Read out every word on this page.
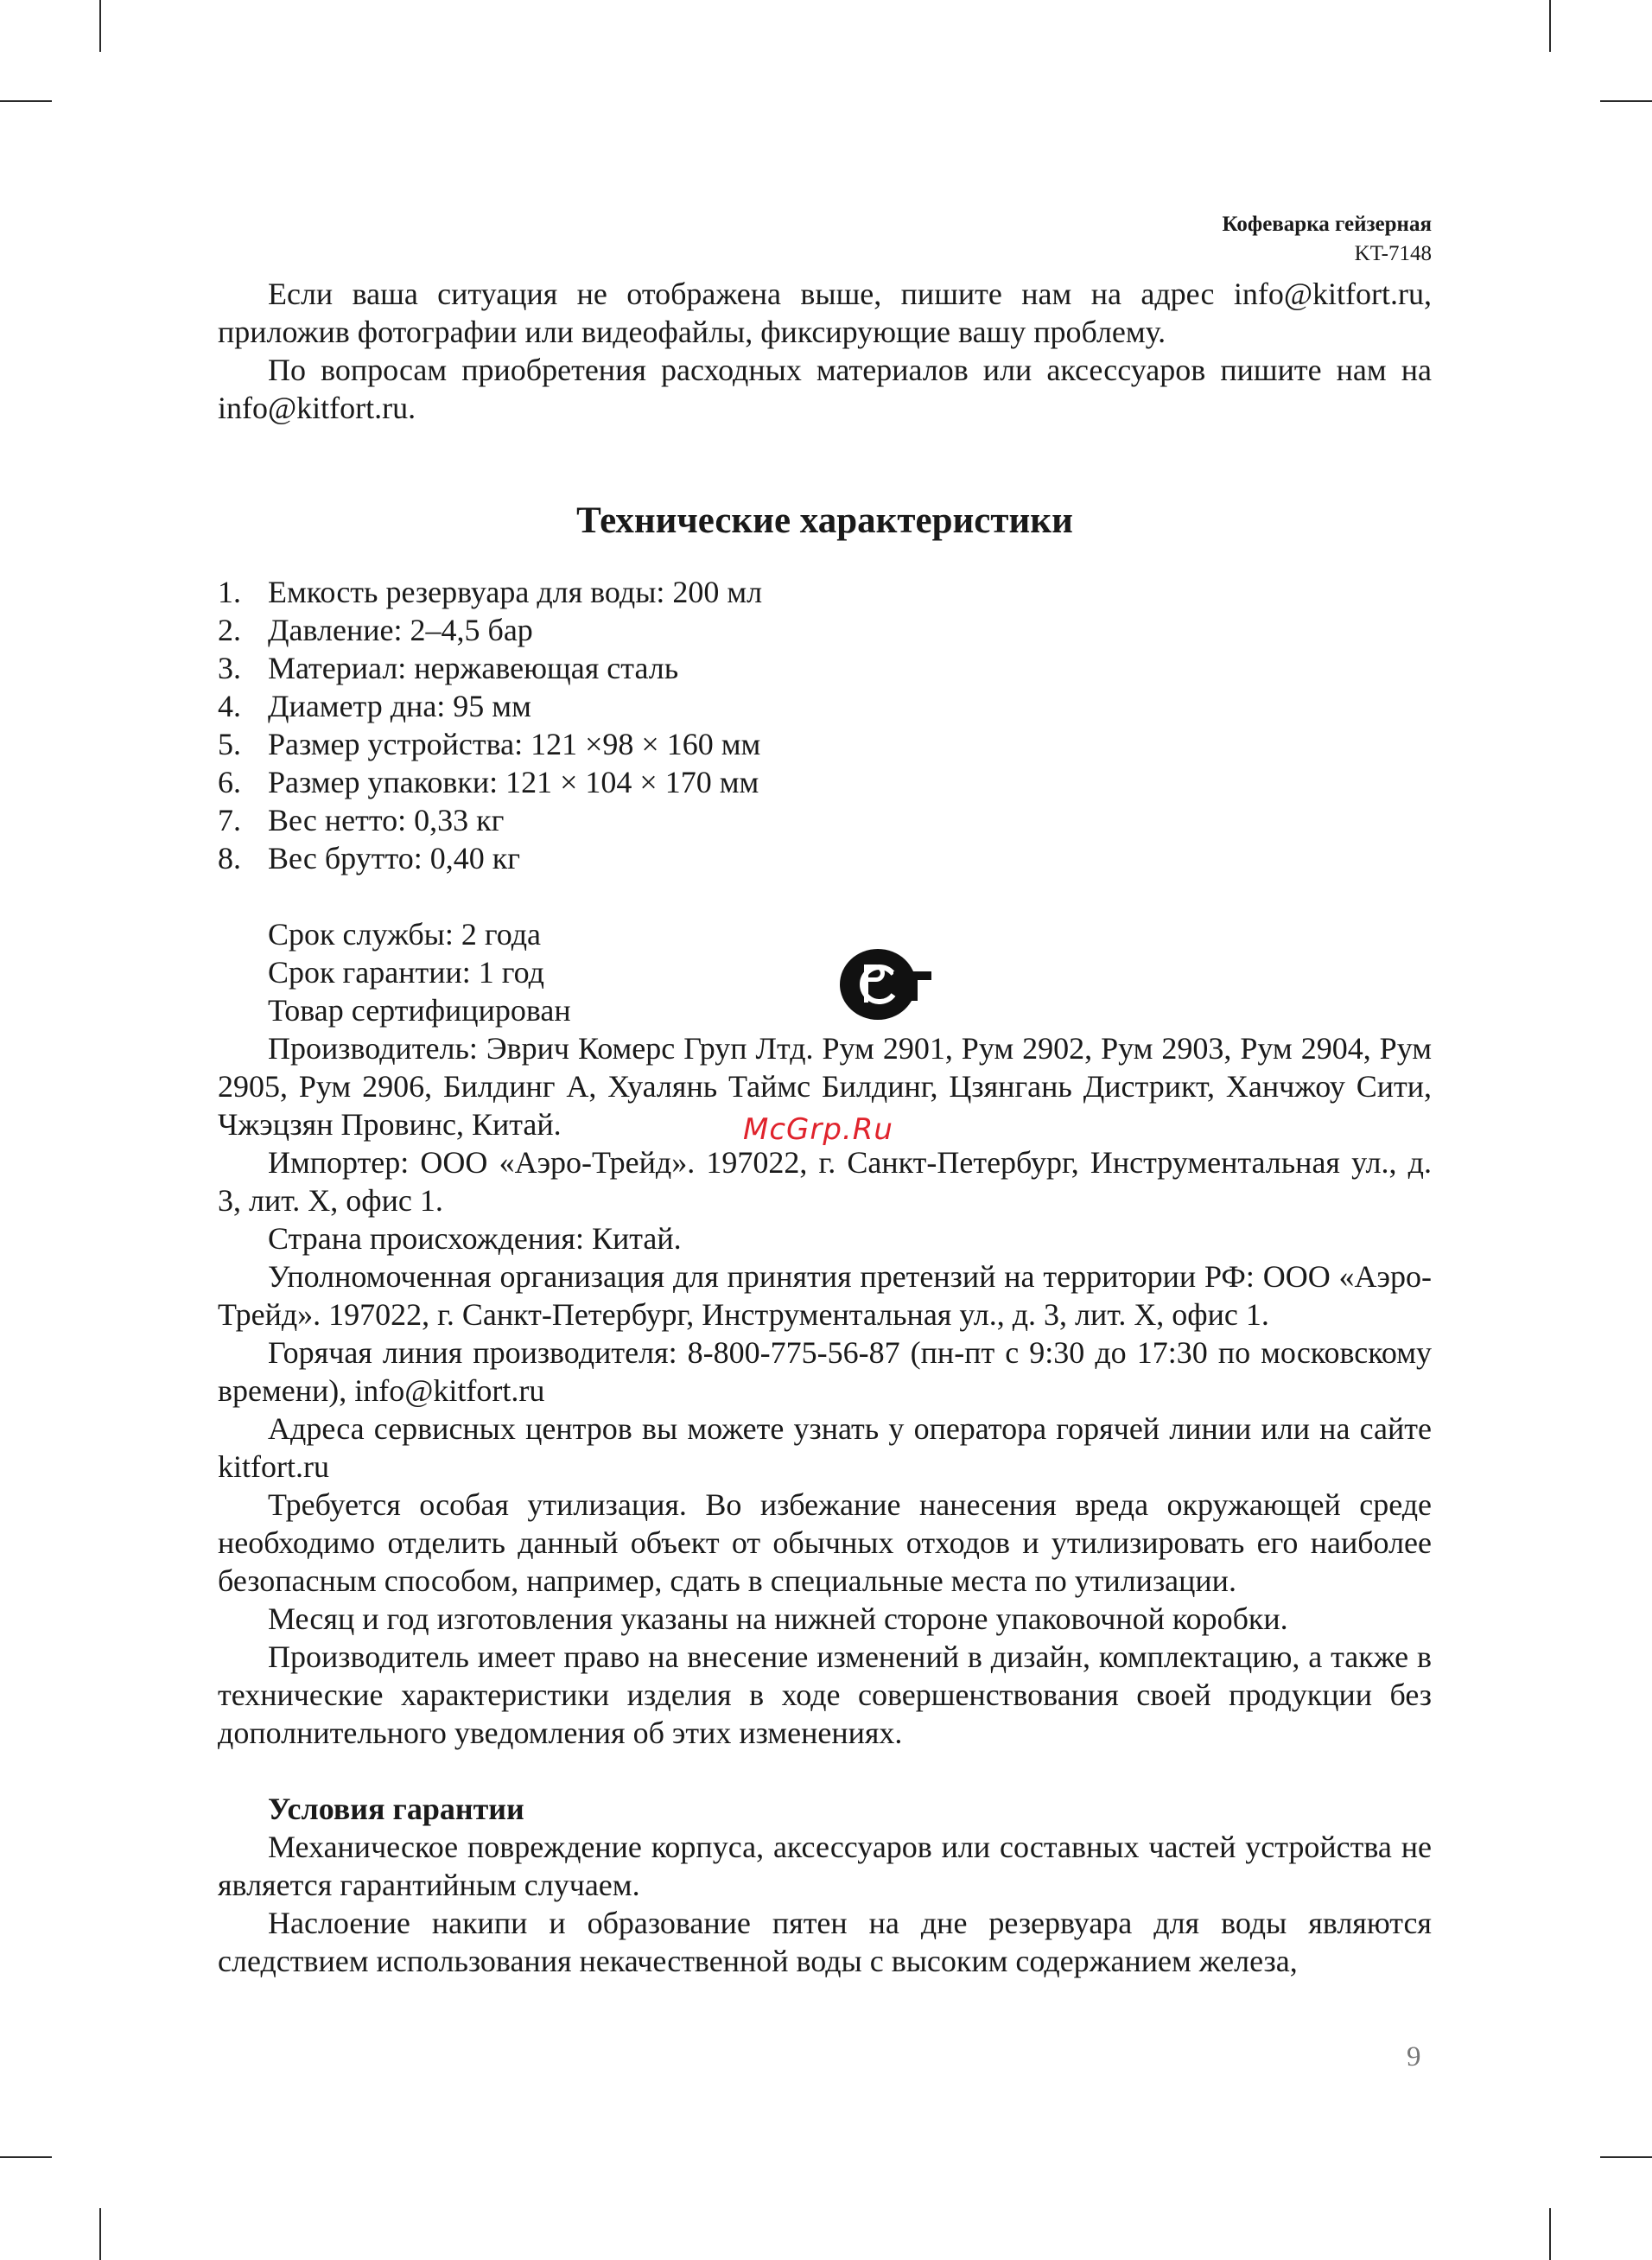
Кофеварка гейзерная
KT-7148

Если ваша ситуация не отображена выше, пишите нам на адрес info@kitfort.ru, приложив фотографии или видеофайлы, фиксирующие вашу проблему.

По вопросам приобретения расходных материалов или аксессуаров пишите нам на info@kitfort.ru.

Технические характеристики
1. Емкость резервуара для воды: 200 мл
2. Давление: 2–4,5 бар
3. Материал: нержавеющая сталь
4. Диаметр дна: 95 мм
5. Размер устройства: 121 ×98 × 160 мм
6. Размер упаковки: 121 × 104 × 170 мм
7. Вес нетто: 0,33 кг
8. Вес брутто: 0,40 кг

Срок службы: 2 года

Срок гарантии: 1 год

Товар сертифицирован

Производитель: Эврич Комерс Груп Лтд. Рум 2901, Рум 2902, Рум 2903, Рум 2904, Рум 2905, Рум 2906, Билдинг А, Хуалянь Таймс Билдинг, Цзянгань Дистрикт, Ханчжоу Сити, Чжэцзян Провинс, Китай.

Импортер: ООО «Аэро-Трейд». 197022, г. Санкт-Петербург, Инструментальная ул., д. 3, лит. Х, офис 1.

Страна происхождения: Китай.

Уполномоченная организация для принятия претензий на территории РФ: ООО «Аэро-Трейд». 197022, г. Санкт-Петербург, Инструментальная ул., д. 3, лит. Х, офис 1.

Горячая линия производителя: 8-800-775-56-87 (пн-пт с 9:30 до 17:30 по московскому времени), info@kitfort.ru

Адреса сервисных центров вы можете узнать у оператора горячей линии или на сайте kitfort.ru

Требуется особая утилизация. Во избежание нанесения вреда окружающей среде необходимо отделить данный объект от обычных отходов и утилизировать его наиболее безопасным способом, например, сдать в специальные места по утилизации.

Месяц и год изготовления указаны на нижней стороне упаковочной коробки.

Производитель имеет право на внесение изменений в дизайн, комплектацию, а также в технические характеристики изделия в ходе совершенствования своей продукции без дополнительного уведомления об этих изменениях.

Условия гарантии

Механическое повреждение корпуса, аксессуаров или составных частей устройства не является гарантийным случаем.

Наслоение накипи и образование пятен на дне резервуара для воды являются следствием использования некачественной воды с высоким содержанием железа,

McGrp.Ru
9
